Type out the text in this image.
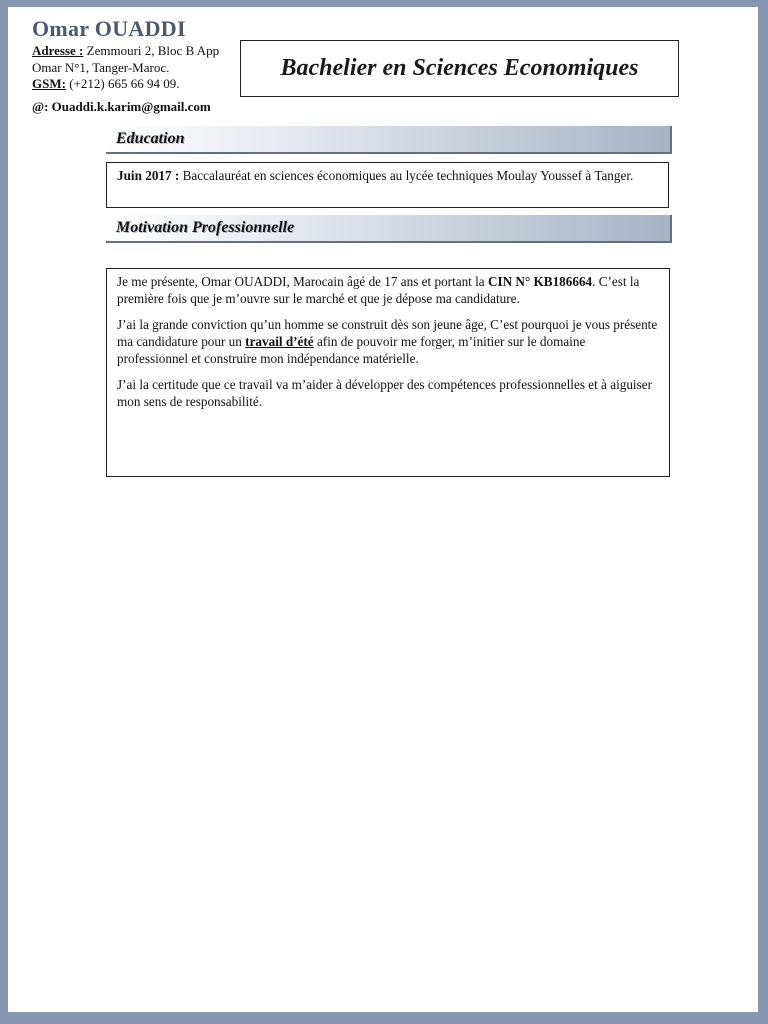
Omar OUADDI
Adresse : Zemmouri 2, Bloc B App
Omar N°1, Tanger-Maroc.
GSM: (+212) 665 66 94 09.
@: Ouaddi.k.karim@gmail.com
Bachelier en Sciences Economiques
Education
Juin 2017 : Baccalauréat en sciences économiques au lycée techniques Moulay Youssef à Tanger.
Motivation Professionnelle

Je me présente, Omar OUADDI, Marocain âgé de 17 ans et portant la CIN N° KB186664. C’est la première fois que je m’ouvre sur le marché et que je dépose ma candidature.

J’ai la grande conviction qu’un homme se construit dès son jeune âge, C’est pourquoi je vous présente ma candidature pour un travail d’été afin de pouvoir me forger, m’initier sur le domaine professionnel et construire mon indépendance matérielle.

J’ai la certitude que ce travail va m’aider à développer des compétences professionnelles et à aiguiser mon sens de responsabilité.
